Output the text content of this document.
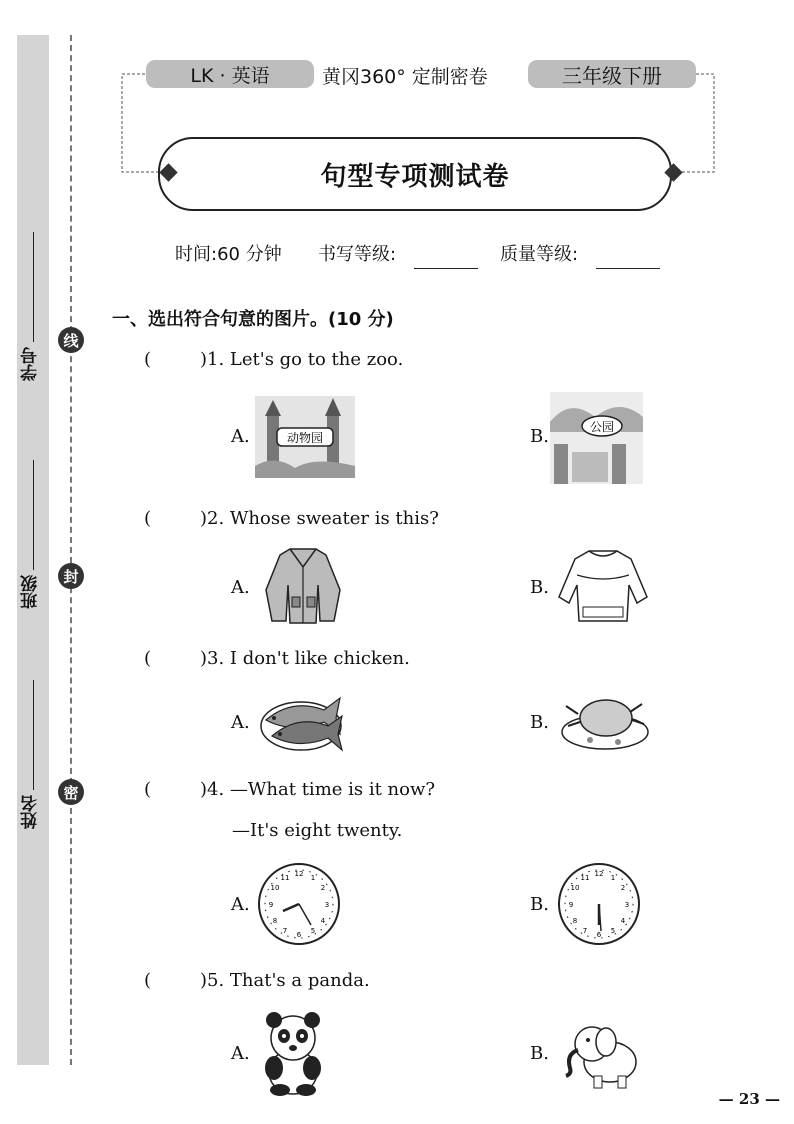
学号
班级
姓名
线
封
密
LK · 英语	黄冈360° 定制密卷	三年级下册
句型专项测试卷
时间:60 分钟 书写等级:	质量等级:
一、选出符合句意的图片。(10 分)
(	)1. Let's go to the zoo.
A.	动物园	B.	公园
(	)2. Whose sweater is this?
A.	B.
(	)3. I don't like chicken.
A.	B.
(	)4. —What time is it now?
—It's eight twenty.
A.
12 1
2
3
4
5
6
7
8
9
10
11
B.
12 1
2
3
4
5
6
7
8
9
10
11
(	)5. That's a panda.
A.	B.
— 23 —
